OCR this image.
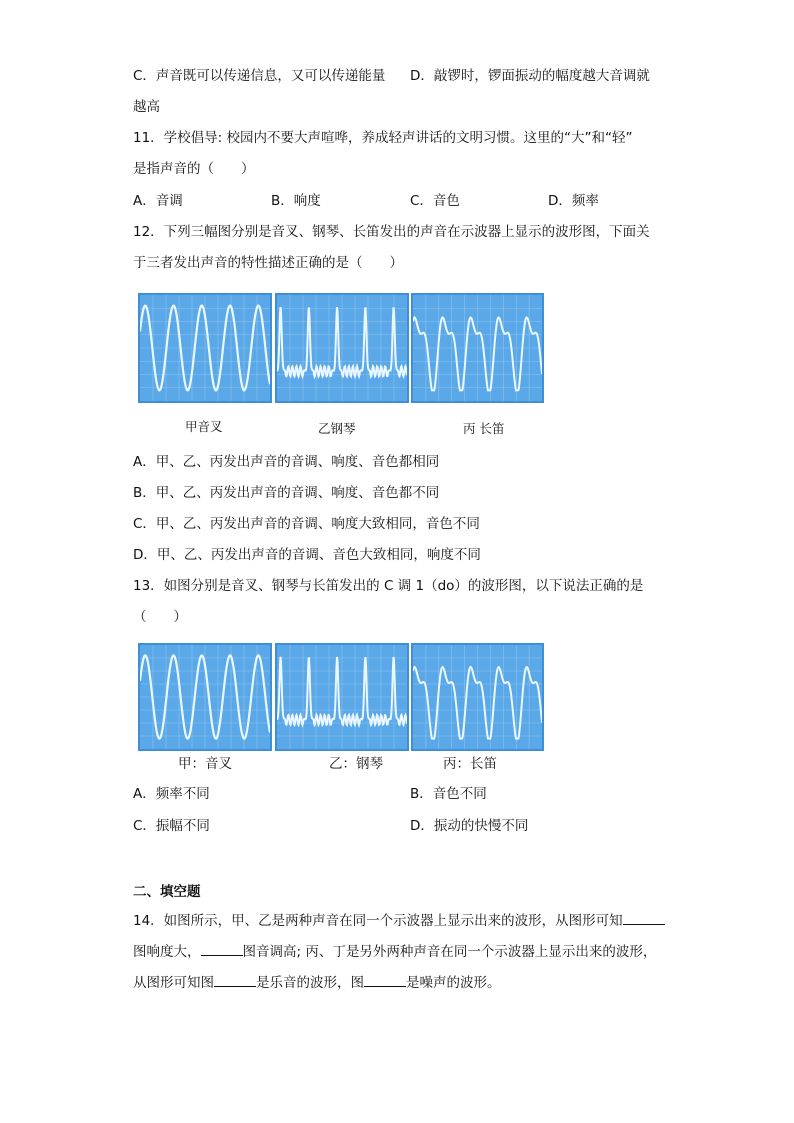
C．声音既可以传递信息，又可以传递能量 D．敲锣时，锣面振动的幅度越大音调就
越高
11．学校倡导: 校园内不要大声喧哗，养成轻声讲话的文明习惯。这里的“大”和“轻”
是指声音的（　　）
A．音调	B．响度	C．音色	D．频率
12．下列三幅图分别是音叉、钢琴、长笛发出的声音在示波器上显示的波形图，下面关
于三者发出声音的特性描述正确的是（　　）
甲音叉	乙钢琴	丙 长笛
A．甲、乙、丙发出声音的音调、响度、音色都相同
B．甲、乙、丙发出声音的音调、响度、音色都不同
C．甲、乙、丙发出声音的音调、响度大致相同，音色不同
D．甲、乙、丙发出声音的音调、音色大致相同，响度不同
13．如图分别是音叉、钢琴与长笛发出的 C 调 1（do）的波形图，以下说法正确的是
（　　）
甲：音叉	乙：钢琴	丙：长笛
A．频率不同	B．音色不同
C．振幅不同	D．振动的快慢不同
二、填空题
14．如图所示，甲、乙是两种声音在同一个示波器上显示出来的波形，从图形可知
图响度大，	图音调高; 丙、丁是另外两种声音在同一个示波器上显示出来的波形，
从图形可知图	是乐音的波形，图	是噪声的波形。
